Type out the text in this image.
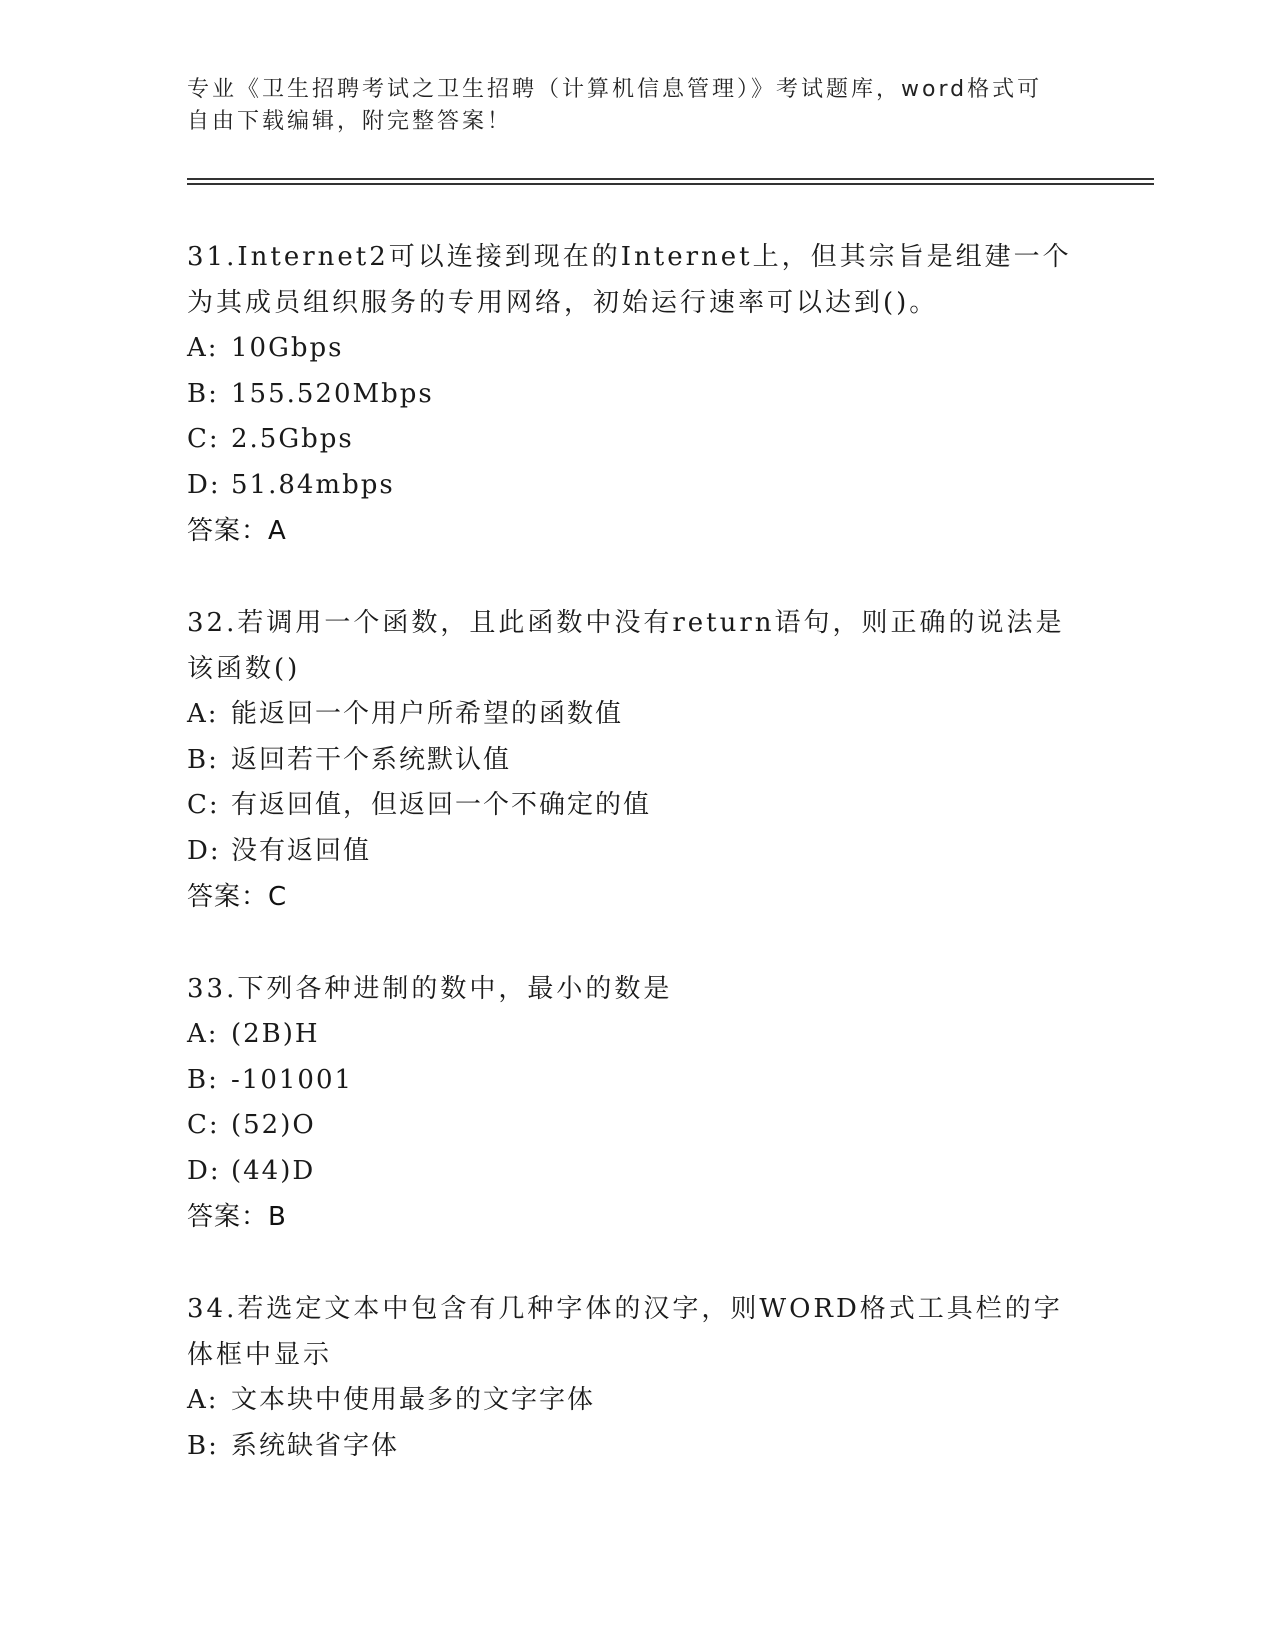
专业《卫生招聘考试之卫生招聘（计算机信息管理）》考试题库，word格式可自由下载编辑，附完整答案！

31.Internet2可以连接到现在的Internet上，但其宗旨是组建一个为其成员组织服务的专用网络，初始运行速率可以达到()。

A: 10Gbps

B: 155.520Mbps

C: 2.5Gbps

D: 51.84mbps

答案：A

32.若调用一个函数，且此函数中没有return语句，则正确的说法是该函数()

A: 能返回一个用户所希望的函数值

B: 返回若干个系统默认值

C: 有返回值，但返回一个不确定的值

D: 没有返回值

答案：C

33.下列各种进制的数中，最小的数是

A: (2B)H

B: -101001

C: (52)O

D: (44)D

答案：B

34.若选定文本中包含有几种字体的汉字，则WORD格式工具栏的字体框中显示

A: 文本块中使用最多的文字字体

B: 系统缺省字体
